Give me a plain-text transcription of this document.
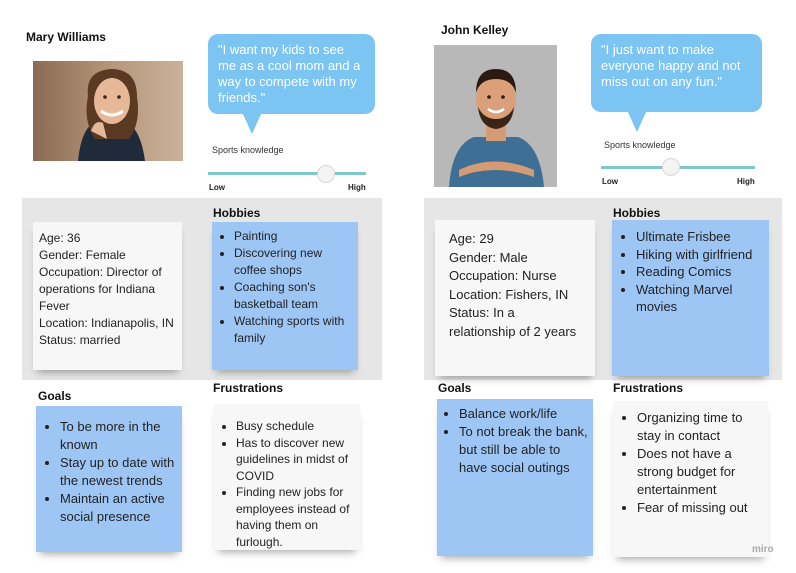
Mary Williams
"I want my kids to see me as a cool mom and a way to compete with my friends."
Sports knowledge
Low	High
Age: 36
Gender: Female
Occupation: Director of operations for Indiana Fever
Location: Indianapolis, IN
Status: married
Hobbies
• Painting
• Discovering new coffee shops
• Coaching son's basketball team
• Watching sports with family
Goals
• To be more in the known
• Stay up to date with the newest trends
• Maintain an active social presence
Frustrations
• Busy schedule
• Has to discover new guidelines in midst of COVID
• Finding new jobs for employees instead of having them on furlough.
John Kelley
"I just want to make everyone happy and not miss out on any fun."
Sports knowledge
Low	High
Age: 29
Gender: Male
Occupation: Nurse
Location: Fishers, IN
Status: In a relationship of 2 years
Hobbies
• Ultimate Frisbee
• Hiking with girlfriend
• Reading Comics
• Watching Marvel movies
Goals
• Balance work/life
• To not break the bank, but still be able to have social outings
Frustrations
• Organizing time to stay in contact
• Does not have a strong budget for entertainment
• Fear of missing out
miro
